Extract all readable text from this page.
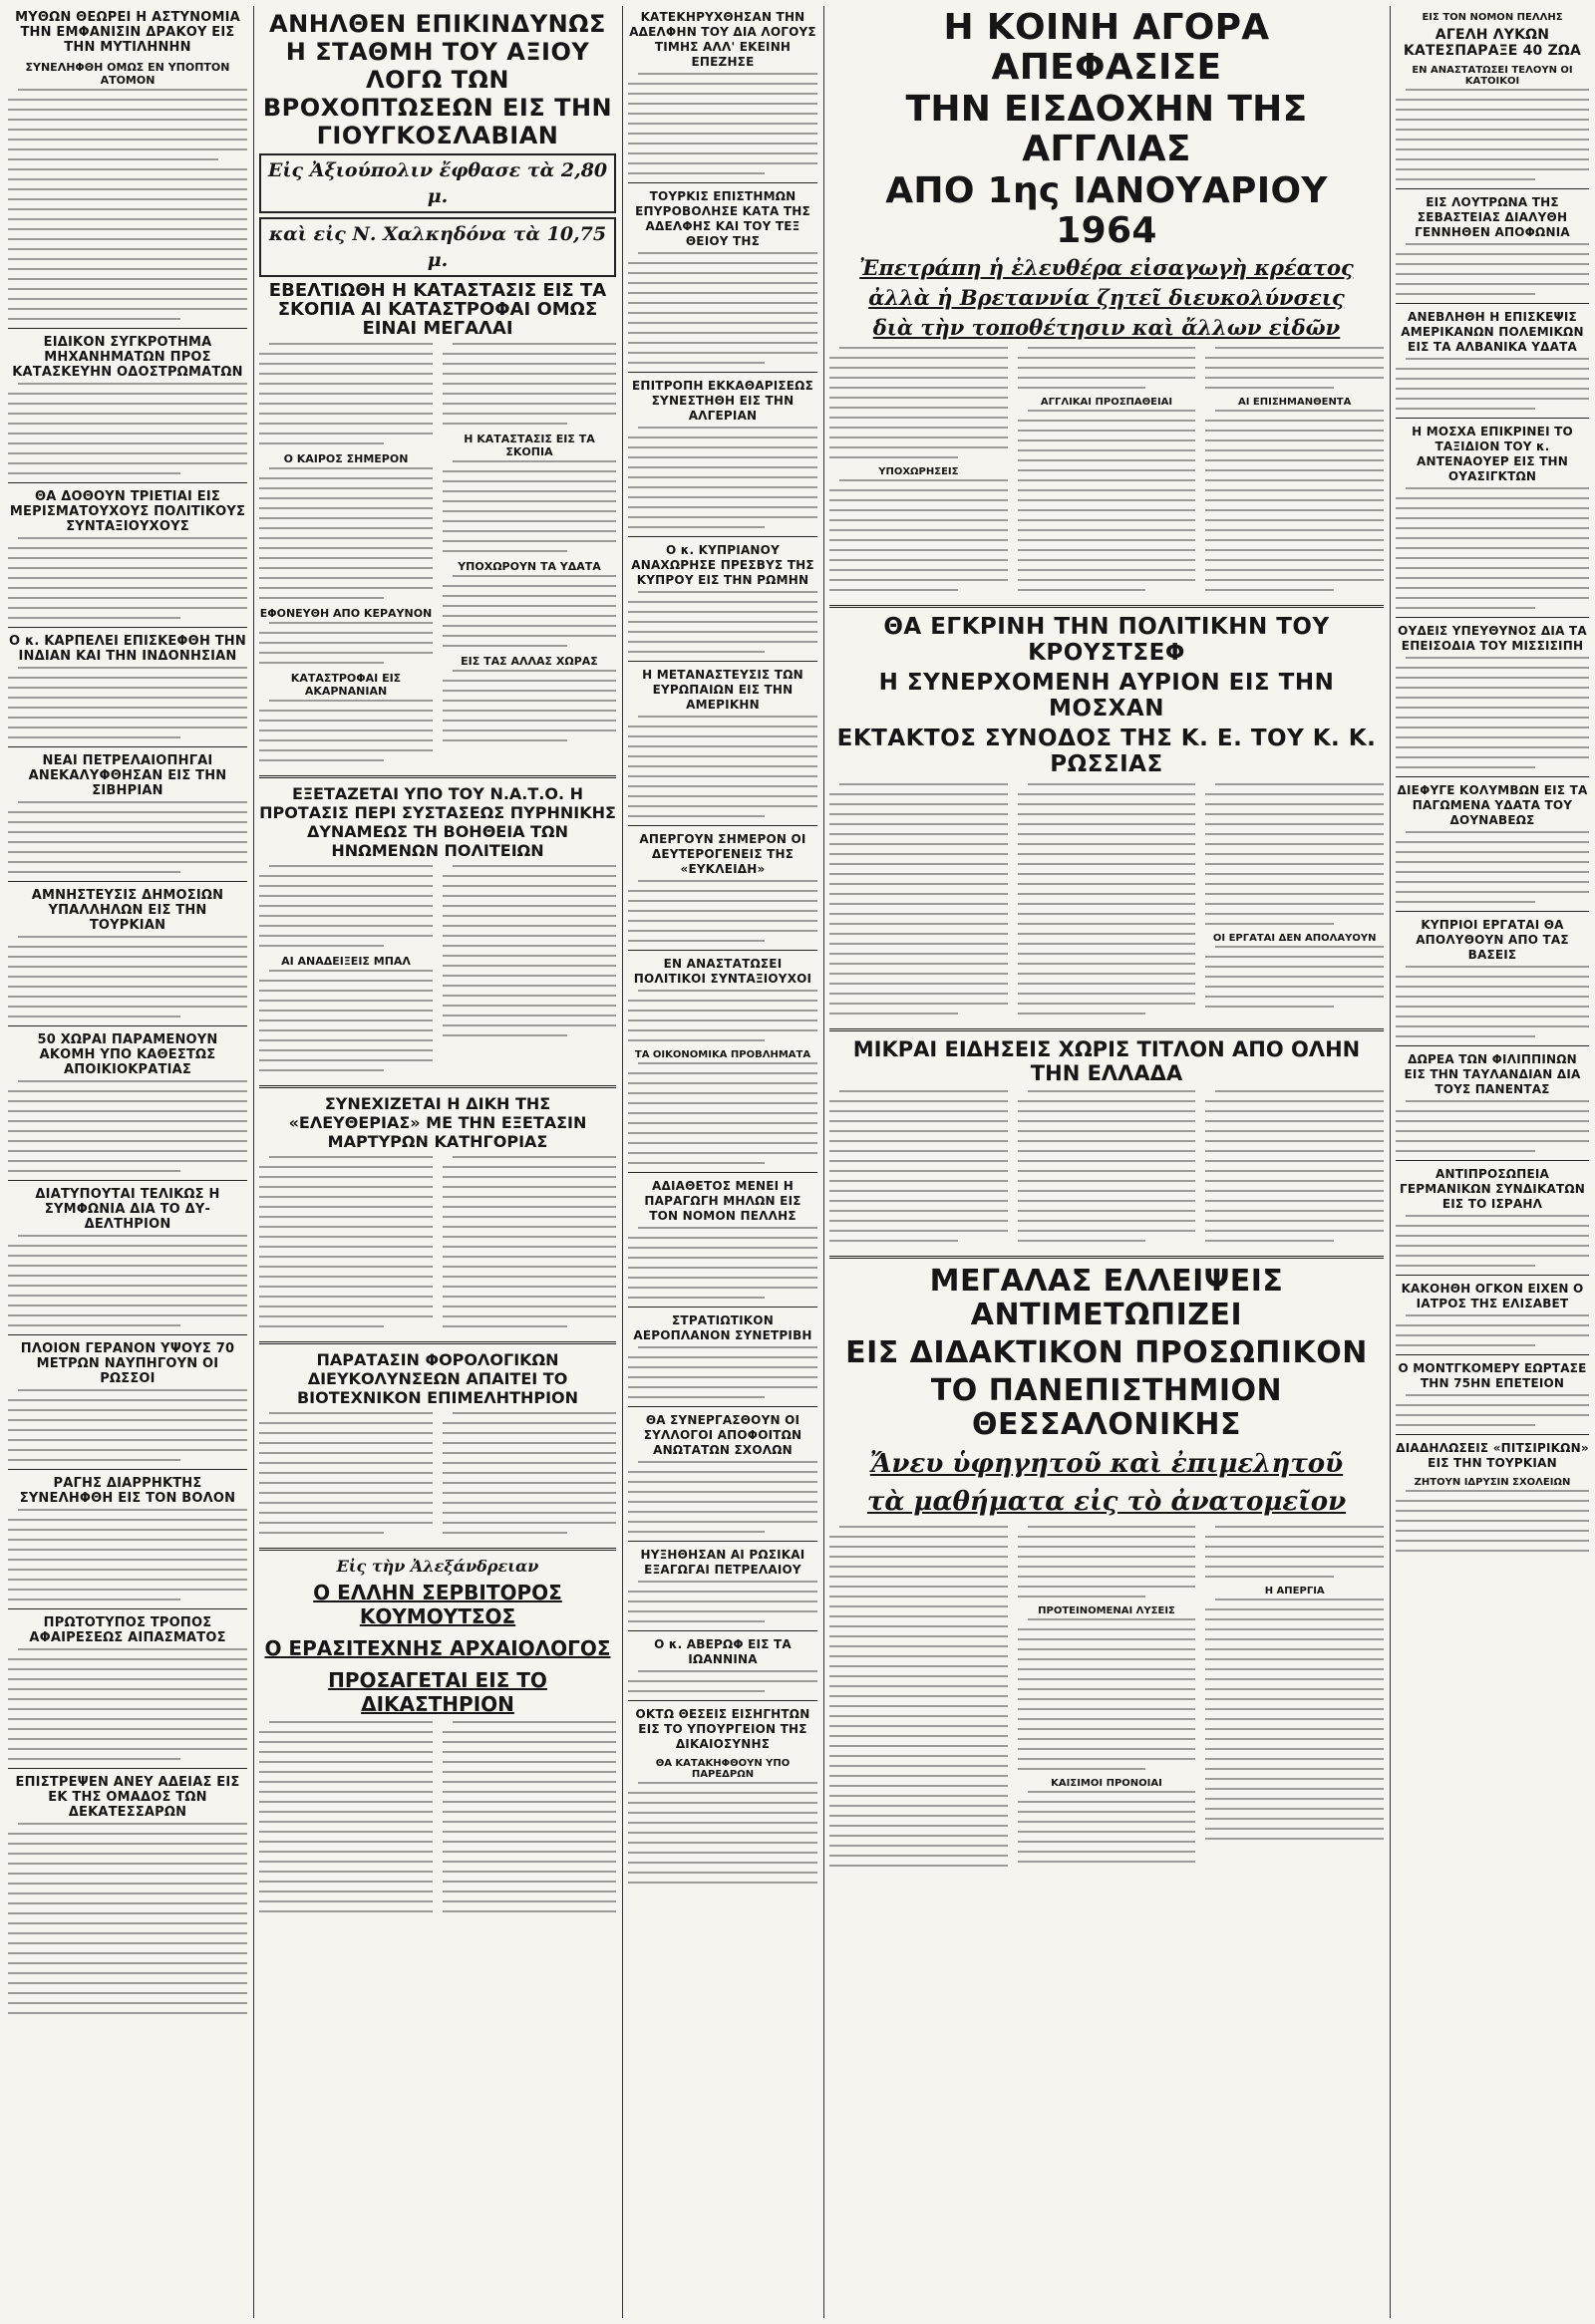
ΜΥΘΩΝ ΘΕΩΡΕΙ Η ΑΣΤΥΝΟΜΙΑ ΤΗΝ ΕΜΦΑΝΙΣΙΝ ΔΡΑΚΟΥ ΕΙΣ ΤΗΝ ΜΥΤΙΛΗΝΗΝ
ΣΥΝΕΛΗΦΘΗ ΟΜΩΣ ΕΝ ΥΠΟΠΤΟΝ ΑΤΟΜΟΝ
ΕΙΔΙΚΟΝ ΣΥΓΚΡΟΤΗΜΑ ΜΗΧΑΝΗΜΑΤΩΝ ΠΡΟΣ ΚΑΤΑΣΚΕΥΗΝ ΟΔΟΣΤΡΩΜΑΤΩΝ
ΘΑ ΔΟΘΟΥΝ ΤΡΙΕΤΙΑΙ ΕΙΣ ΜΕΡΙΣΜΑΤΟΥΧΟΥΣ ΠΟΛΙΤΙΚΟΥΣ ΣΥΝΤΑΞΙΟΥΧΟΥΣ
Ο κ. ΚΑΡΠΕΛΕΙ ΕΠΙΣΚΕΦΘΗ ΤΗΝ ΙΝΔΙΑΝ ΚΑΙ ΤΗΝ ΙΝΔΟΝΗΣΙΑΝ
ΝΕΑΙ ΠΕΤΡΕΛΑΙΟΠΗΓΑΙ ΑΝΕΚΑΛΥΦΘΗΣΑΝ ΕΙΣ ΤΗΝ ΣΙΒΗΡΙΑΝ
ΑΜΝΗΣΤΕΥΣΙΣ ΔΗΜΟΣΙΩΝ ΥΠΑΛΛΗΛΩΝ ΕΙΣ ΤΗΝ ΤΟΥΡΚΙΑΝ
50 ΧΩΡΑΙ ΠΑΡΑΜΕΝΟΥΝ ΑΚΟΜΗ ΥΠΟ ΚΑΘΕΣΤΩΣ ΑΠΟΙΚΙΟΚΡΑΤΙΑΣ
ΔΙΑΤΥΠΟΥΤΑΙ ΤΕΛΙΚΩΣ Η ΣΥΜΦΩΝΙΑ ΔΙΑ ΤΟ ΔΥ-ΔΕΛΤΗΡΙΟΝ
ΠΛΟΙΟΝ ΓΕΡΑΝΟΝ ΥΨΟΥΣ 70 ΜΕΤΡΩΝ ΝΑΥΠΗΓΟΥΝ ΟΙ ΡΩΣΣΟΙ
ΡΑΓΗΣ ΔΙΑΡΡΗΚΤΗΣ ΣΥΝΕΛΗΦΘΗ ΕΙΣ ΤΟΝ ΒΟΛΟΝ
ΠΡΩΤΟΤΥΠΟΣ ΤΡΟΠΟΣ ΑΦΑΙΡΕΣΕΩΣ ΑΙΠΑΣΜΑΤΟΣ
ΕΠΙΣΤΡΕΨΕΝ ΑΝΕΥ ΑΔΕΙΑΣ ΕΙΣ ΕΚ ΤΗΣ ΟΜΑΔΟΣ ΤΩΝ ΔΕΚΑΤΕΣΣΑΡΩΝ
ΑΝΗΛΘΕΝ ΕΠΙΚΙΝΔΥΝΩΣ Η ΣΤΑΘΜΗ ΤΟΥ ΑΞΙΟΥ ΛΟΓΩ ΤΩΝ ΒΡΟΧΟΠΤΩΣΕΩΝ ΕΙΣ ΤΗΝ ΓΙΟΥΓΚΟΣΛΑΒΙΑΝ
Εἰς Ἀξιούπολιν ἔφθασε τὰ 2,80 μ.
καὶ εἰς Ν. Χαλκηδόνα τὰ 10,75 μ.
ΕΒΕΛΤΙΩΘΗ Η ΚΑΤΑΣΤΑΣΙΣ ΕΙΣ ΤΑ ΣΚΟΠΙΑ ΑΙ ΚΑΤΑΣΤΡΟΦΑΙ ΟΜΩΣ ΕΙΝΑΙ ΜΕΓΑΛΑΙ
Ο ΚΑΙΡΟΣ ΣΗΜΕΡΟΝ
ΕΦΟΝΕΥΘΗ ΑΠΟ ΚΕΡΑΥΝΟΝ
ΚΑΤΑΣΤΡΟΦΑΙ ΕΙΣ ΑΚΑΡΝΑΝΙΑΝ
Η ΚΑΤΑΣΤΑΣΙΣ ΕΙΣ ΤΑ ΣΚΟΠΙΑ
ΥΠΟΧΩΡΟΥΝ ΤΑ ΥΔΑΤΑ
ΕΙΣ ΤΑΣ ΑΛΛΑΣ ΧΩΡΑΣ
ΕΞΕΤΑΖΕΤΑΙ ΥΠΟ ΤΟΥ Ν.Α.Τ.Ο. Η ΠΡΟΤΑΣΙΣ ΠΕΡΙ ΣΥΣΤΑΣΕΩΣ ΠΥΡΗΝΙΚΗΣ ΔΥΝΑΜΕΩΣ ΤΗ ΒΟΗΘΕΙΑ ΤΩΝ ΗΝΩΜΕΝΩΝ ΠΟΛΙΤΕΙΩΝ
ΑΙ ΑΝΑΔΕΙΞΕΙΣ ΜΠΑΛ
ΣΥΝΕΧΙΖΕΤΑΙ Η ΔΙΚΗ ΤΗΣ «ΕΛΕΥΘΕΡΙΑΣ» ΜΕ ΤΗΝ ΕΞΕΤΑΣΙΝ ΜΑΡΤΥΡΩΝ ΚΑΤΗΓΟΡΙΑΣ
ΠΑΡΑΤΑΣΙΝ ΦΟΡΟΛΟΓΙΚΩΝ ΔΙΕΥΚΟΛΥΝΣΕΩΝ ΑΠΑΙΤΕΙ ΤΟ ΒΙΟΤΕΧΝΙΚΟΝ ΕΠΙΜΕΛΗΤΗΡΙΟΝ
Εἰς τὴν Ἀλεξάνδρειαν
Ο ΕΛΛΗΝ ΣΕΡΒΙΤΟΡΟΣ ΚΟΥΜΟΥΤΣΟΣ
Ο ΕΡΑΣΙΤΕΧΝΗΣ ΑΡΧΑΙΟΛΟΓΟΣ
ΠΡΟΣΑΓΕΤΑΙ ΕΙΣ ΤΟ ΔΙΚΑΣΤΗΡΙΟΝ
ΚΑΤΕΚΗΡΥΧΘΗΣΑΝ ΤΗΝ ΑΔΕΛΦΗΝ ΤΟΥ ΔΙΑ ΛΟΓΟΥΣ ΤΙΜΗΣ ΑΛΛ' ΕΚΕΙΝΗ ΕΠΕΖΗΣΕ
ΤΟΥΡΚΙΣ ΕΠΙΣΤΗΜΩΝ ΕΠΥΡΟΒΟΛΗΣΕ ΚΑΤΑ ΤΗΣ ΑΔΕΛΦΗΣ ΚΑΙ ΤΟΥ ΤΕΞ ΘΕΙΟΥ ΤΗΣ
ΕΠΙΤΡΟΠΗ ΕΚΚΑΘΑΡΙΣΕΩΣ ΣΥΝΕΣΤΗΘΗ ΕΙΣ ΤΗΝ ΑΛΓΕΡΙΑΝ
Ο κ. ΚΥΠΡΙΑΝΟΥ ΑΝΑΧΩΡΗΣΕ ΠΡΕΣΒΥΣ ΤΗΣ ΚΥΠΡΟΥ ΕΙΣ ΤΗΝ ΡΩΜΗΝ
Η ΜΕΤΑΝΑΣΤΕΥΣΙΣ ΤΩΝ ΕΥΡΩΠΑΙΩΝ ΕΙΣ ΤΗΝ ΑΜΕΡΙΚΗΝ
ΑΠΕΡΓΟΥΝ ΣΗΜΕΡΟΝ ΟΙ ΔΕΥΤΕΡΟΓΕΝΕΙΣ ΤΗΣ «ΕΥΚΛΕΙΔΗ»
ΕΝ ΑΝΑΣΤΑΤΩΣΕΙ ΠΟΛΙΤΙΚΟΙ ΣΥΝΤΑΞΙΟΥΧΟΙ
ΤΑ ΟΙΚΟΝΟΜΙΚΑ ΠΡΟΒΛΗΜΑΤΑ
ΑΔΙΑΘΕΤΟΣ ΜΕΝΕΙ Η ΠΑΡΑΓΩΓΗ ΜΗΛΩΝ ΕΙΣ ΤΟΝ ΝΟΜΟΝ ΠΕΛΛΗΣ
ΣΤΡΑΤΙΩΤΙΚΟΝ ΑΕΡΟΠΛΑΝΟΝ ΣΥΝΕΤΡΙΒΗ
ΘΑ ΣΥΝΕΡΓΑΣΘΟΥΝ ΟΙ ΣΥΛΛΟΓΟΙ ΑΠΟΦΟΙΤΩΝ ΑΝΩΤΑΤΩΝ ΣΧΟΛΩΝ
ΗΥΞΗΘΗΣΑΝ ΑΙ ΡΩΣΙΚΑΙ ΕΞΑΓΩΓΑΙ ΠΕΤΡΕΛΑΙΟΥ
Ο κ. ΑΒΕΡΩΦ ΕΙΣ ΤΑ ΙΩΑΝΝΙΝΑ
ΟΚΤΩ ΘΕΣΕΙΣ ΕΙΣΗΓΗΤΩΝ ΕΙΣ ΤΟ ΥΠΟΥΡΓΕΙΟΝ ΤΗΣ ΔΙΚΑΙΟΣΥΝΗΣ
ΘΑ ΚΑΤΑΚΗΦΘΟΥΝ ΥΠΟ ΠΑΡΕΔΡΩΝ
Η ΚΟΙΝΗ ΑΓΟΡΑ ΑΠΕΦΑΣΙΣΕ
ΤΗΝ ΕΙΣΔΟΧΗΝ ΤΗΣ ΑΓΓΛΙΑΣ
ΑΠΟ 1ης ΙΑΝΟΥΑΡΙΟΥ 1964
Ἐπετράπη ἡ ἐλευθέρα εἰσαγωγὴ κρέατος
ἀλλὰ ἡ Βρεταννία ζητεῖ διευκολύνσεις
διὰ τὴν τοποθέτησιν καὶ ἄλλων εἰδῶν
ΥΠΟΧΩΡΗΣΕΙΣ
ΑΓΓΛΙΚΑΙ ΠΡΟΣΠΑΘΕΙΑΙ	ΑΙ ΕΠΙΣΗΜΑΝΘΕΝΤΑ
ΘΑ ΕΓΚΡΙΝΗ ΤΗΝ ΠΟΛΙΤΙΚΗΝ ΤΟΥ ΚΡΟΥΣΤΣΕΦ
Η ΣΥΝΕΡΧΟΜΕΝΗ ΑΥΡΙΟΝ ΕΙΣ ΤΗΝ ΜΟΣΧΑΝ
ΕΚΤΑΚΤΟΣ ΣΥΝΟΔΟΣ ΤΗΣ Κ. Ε. ΤΟΥ Κ. Κ. ΡΩΣΣΙΑΣ
ΟΙ ΕΡΓΑΤΑΙ ΔΕΝ ΑΠΟΛΑΥΟΥΝ
ΜΙΚΡΑΙ ΕΙΔΗΣΕΙΣ ΧΩΡΙΣ ΤΙΤΛΟΝ ΑΠΟ ΟΛΗΝ ΤΗΝ ΕΛΛΑΔΑ
ΜΕΓΑΛΑΣ ΕΛΛΕΙΨΕΙΣ ΑΝΤΙΜΕΤΩΠΙΖΕΙ
ΕΙΣ ΔΙΔΑΚΤΙΚΟΝ ΠΡΟΣΩΠΙΚΟΝ
ΤΟ ΠΑΝΕΠΙΣΤΗΜΙΟΝ ΘΕΣΣΑΛΟΝΙΚΗΣ
Ἄνευ ὑφηγητοῦ καὶ ἐπιμελητοῦ
τὰ μαθήματα εἰς τὸ ἀνατομεῖον
ΠΡΟΤΕΙΝΟΜΕΝΑΙ ΛΥΣΕΙΣ
ΚΑΙΣΙΜΟΙ ΠΡΟΝΟΙΑΙ
Η ΑΠΕΡΓΙΑ
ΕΙΣ ΤΟΝ ΝΟΜΟΝ ΠΕΛΛΗΣ
ΑΓΕΛΗ ΛΥΚΩΝ ΚΑΤΕΣΠΑΡΑΞΕ 40 ΖΩΑ
ΕΝ ΑΝΑΣΤΑΤΩΣΕΙ ΤΕΛΟΥΝ ΟΙ ΚΑΤΟΙΚΟΙ
ΕΙΣ ΛΟΥΤΡΩΝΑ ΤΗΣ ΣΕΒΑΣΤΕΙΑΣ ΔΙΑΛΥΘΗ ΓΕΝΝΗΘΕΝ ΑΠΟΦΩΝΙΑ
ΑΝΕΒΛΗΘΗ Η ΕΠΙΣΚΕΨΙΣ ΑΜΕΡΙΚΑΝΩΝ ΠΟΛΕΜΙΚΩΝ ΕΙΣ ΤΑ ΑΛΒΑΝΙΚΑ ΥΔΑΤΑ
Η ΜΟΣΧΑ ΕΠΙΚΡΙΝΕΙ ΤΟ ΤΑΞΙΔΙΟΝ ΤΟΥ κ. ΑΝΤΕΝΑΟΥΕΡ ΕΙΣ ΤΗΝ ΟΥΑΣΙΓΚΤΩΝ
ΟΥΔΕΙΣ ΥΠΕΥΘΥΝΟΣ ΔΙΑ ΤΑ ΕΠΕΙΣΟΔΙΑ ΤΟΥ ΜΙΣΣΙΣΙΠΗ
ΔΙΕΦΥΓΕ ΚΟΛΥΜΒΩΝ ΕΙΣ ΤΑ ΠΑΓΩΜΕΝΑ ΥΔΑΤΑ ΤΟΥ ΔΟΥΝΑΒΕΩΣ
ΚΥΠΡΙΟΙ ΕΡΓΑΤΑΙ ΘΑ ΑΠΟΛΥΘΟΥΝ ΑΠΟ ΤΑΣ ΒΑΣΕΙΣ
ΔΩΡΕΑ ΤΩΝ ΦΙΛΙΠΠΙΝΩΝ ΕΙΣ ΤΗΝ ΤΑΥΛΑΝΔΙΑΝ ΔΙΑ ΤΟΥΣ ΠΑΝΕΝΤΑΣ
ΑΝΤΙΠΡΟΣΩΠΕΙΑ ΓΕΡΜΑΝΙΚΩΝ ΣΥΝΔΙΚΑΤΩΝ ΕΙΣ ΤΟ ΙΣΡΑΗΛ
ΚΑΚΟΗΘΗ ΟΓΚΟΝ ΕΙΧΕΝ Ο ΙΑΤΡΟΣ ΤΗΣ ΕΛΙΣΑΒΕΤ
Ο ΜΟΝΤΓΚΟΜΕΡΥ ΕΩΡΤΑΣΕ ΤΗΝ 75ΗΝ ΕΠΕΤΕΙΟΝ
ΔΙΑΔΗΛΩΣΕΙΣ «ΠΙΤΣΙΡΙΚΩΝ» ΕΙΣ ΤΗΝ ΤΟΥΡΚΙΑΝ
ΖΗΤΟΥΝ ΙΔΡΥΣΙΝ ΣΧΟΛΕΙΩΝ
